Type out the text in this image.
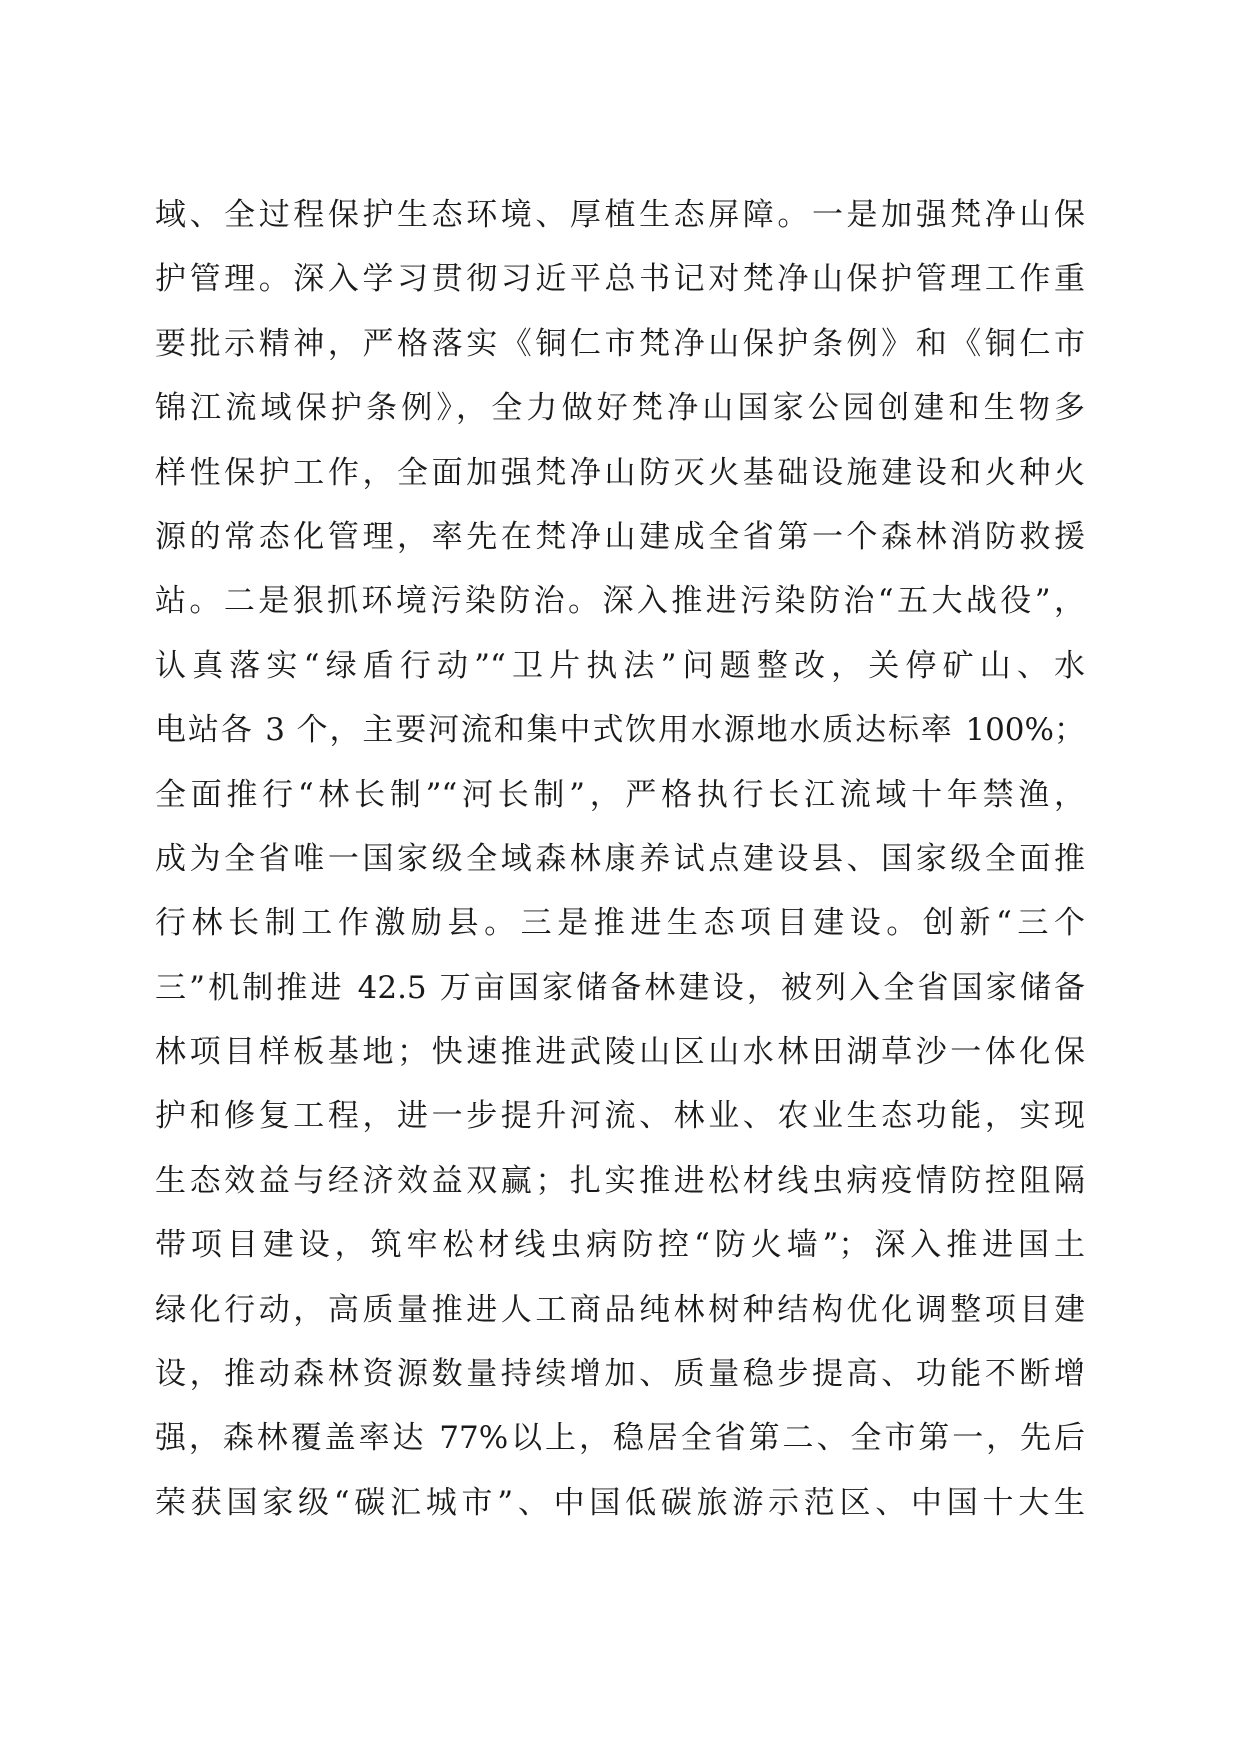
域、全过程保护生态环境、厚植生态屏障。一是加强梵净山保
护管理。深入学习贯彻习近平总书记对梵净山保护管理工作重
要批示精神，严格落实《铜仁市梵净山保护条例》和《铜仁市
锦江流域保护条例》，全力做好梵净山国家公园创建和生物多
样性保护工作，全面加强梵净山防灭火基础设施建设和火种火
源的常态化管理，率先在梵净山建成全省第一个森林消防救援
站。二是狠抓环境污染防治。深入推进污染防治“五大战役”，
认真落实“绿盾行动”“卫片执法”问题整改，关停矿山、水
电站各 3 个，主要河流和集中式饮用水源地水质达标率 100%；
全面推行“林长制”“河长制”，严格执行长江流域十年禁渔，
成为全省唯一国家级全域森林康养试点建设县、国家级全面推
行林长制工作激励县。三是推进生态项目建设。创新“三个
三”机制推进 42.5 万亩国家储备林建设，被列入全省国家储备
林项目样板基地；快速推进武陵山区山水林田湖草沙一体化保
护和修复工程，进一步提升河流、林业、农业生态功能，实现
生态效益与经济效益双赢；扎实推进松材线虫病疫情防控阻隔
带项目建设，筑牢松材线虫病防控“防火墙”；深入推进国土
绿化行动，高质量推进人工商品纯林树种结构优化调整项目建
设，推动森林资源数量持续增加、质量稳步提高、功能不断增
强，森林覆盖率达 77%以上，稳居全省第二、全市第一，先后
荣获国家级“碳汇城市”、中国低碳旅游示范区、中国十大生
